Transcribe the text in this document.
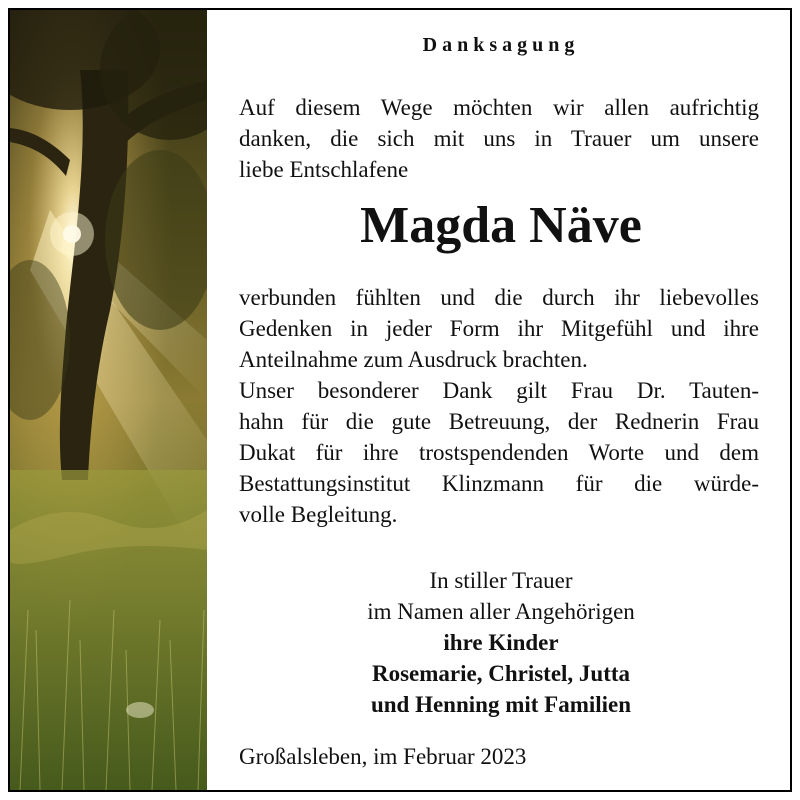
Danksagung
Auf diesem Wege möchten wir allen aufrichtig
danken, die sich mit uns in Trauer um unsere
liebe Entschlafene
Magda Näve
verbunden fühlten und die durch ihr liebevolles
Gedenken in jeder Form ihr Mitgefühl und ihre
Anteilnahme zum Ausdruck brachten.
Unser besonderer Dank gilt Frau Dr. Tauten-
hahn für die gute Betreuung, der Rednerin Frau
Dukat für ihre trostspendenden Worte und dem
Bestattungsinstitut Klinzmann für die würde-
volle Begleitung.
In stiller Trauer
im Namen aller Angehörigen
ihre Kinder
Rosemarie, Christel, Jutta
und Henning mit Familien
Großalsleben, im Februar 2023
